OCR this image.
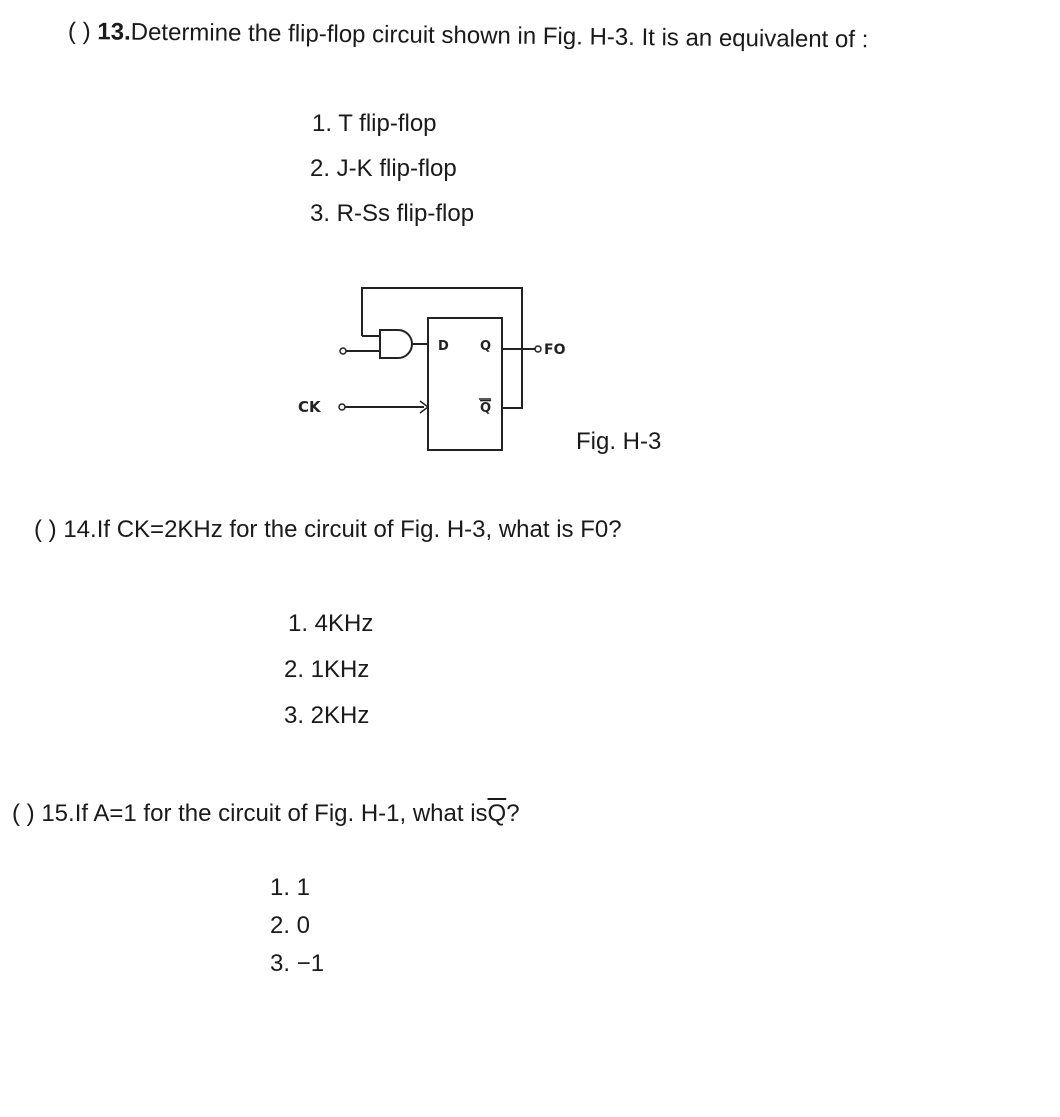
( ) 13.Determine the flip-flop circuit shown in Fig. H-3. It is an equivalent of :
1. T flip-flop
2. J-K flip-flop
3. R-Ss flip-flop
D Q
Q
FO
CK
Fig. H-3
( ) 14.If CK=2KHz for the circuit of Fig. H-3, what is F0?
1. 4KHz
2. 1KHz
3. 2KHz
( ) 15.If A=1 for the circuit of Fig. H-1, what $is\overline{Q}$?
1. 1
2. 0
3. −1
